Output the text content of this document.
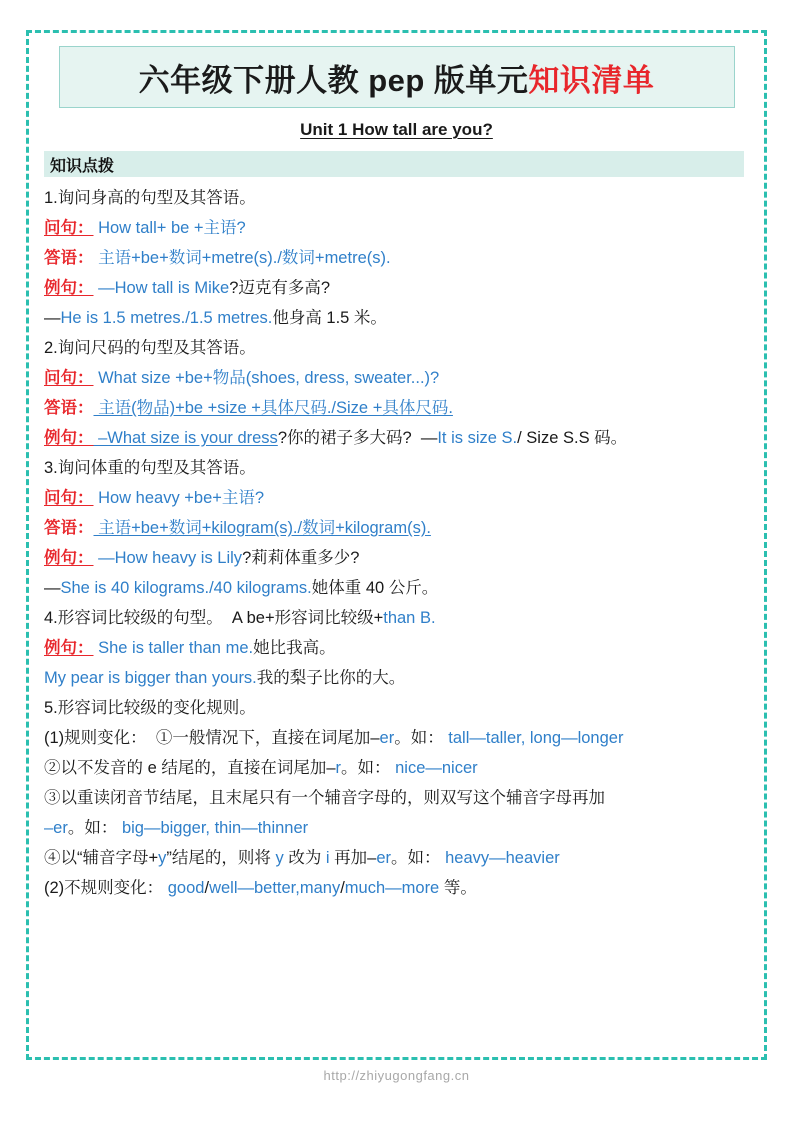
六年级下册人教 pep 版单元知识清单
Unit 1 How tall are you?
知识点拨
1.询问身高的句型及其答语。
问句： How tall+ be +主语?
答语： 主语+be+数词+metre(s)./数词+metre(s).
例句： —How tall is Mike?迈克有多高?
—He is 1.5 metres./1.5 metres.他身高 1.5 米。
2.询问尺码的句型及其答语。
问句： What size +be+物品(shoes, dress, sweater...)?
答语： 主语(物品)+be +size +具体尺码./Size +具体尺码.
例句： –What size is your dress?你的裙子多大码?  —It is size S./ Size S.S 码。
3.询问体重的句型及其答语。
问句： How heavy +be+主语?
答语： 主语+be+数词+kilogram(s)./数词+kilogram(s).
例句： —How heavy is Lily?莉莉体重多少?
—She is 40 kilograms./40 kilograms.她体重 40 公斤。
4.形容词比较级的句型。  A be+形容词比较级+than B.
例句： She is taller than me.她比我高。
My pear is bigger than yours.我的梨子比你的大。
5.形容词比较级的变化规则。
(1)规则变化：  ①一般情况下，直接在词尾加–er。如： tall—taller, long—longer
②以不发音的 e 结尾的，直接在词尾加–r。如： nice—nicer
③以重读闭音节结尾，且末尾只有一个辅音字母的，则双写这个辅音字母再加
–er。如： big—bigger, thin—thinner
④以“辅音字母+y”结尾的，则将 y 改为 i 再加–er。如： heavy—heavier
(2)不规则变化： good/well—better,many/much—more 等。
http://zhiyugongfang.cn
